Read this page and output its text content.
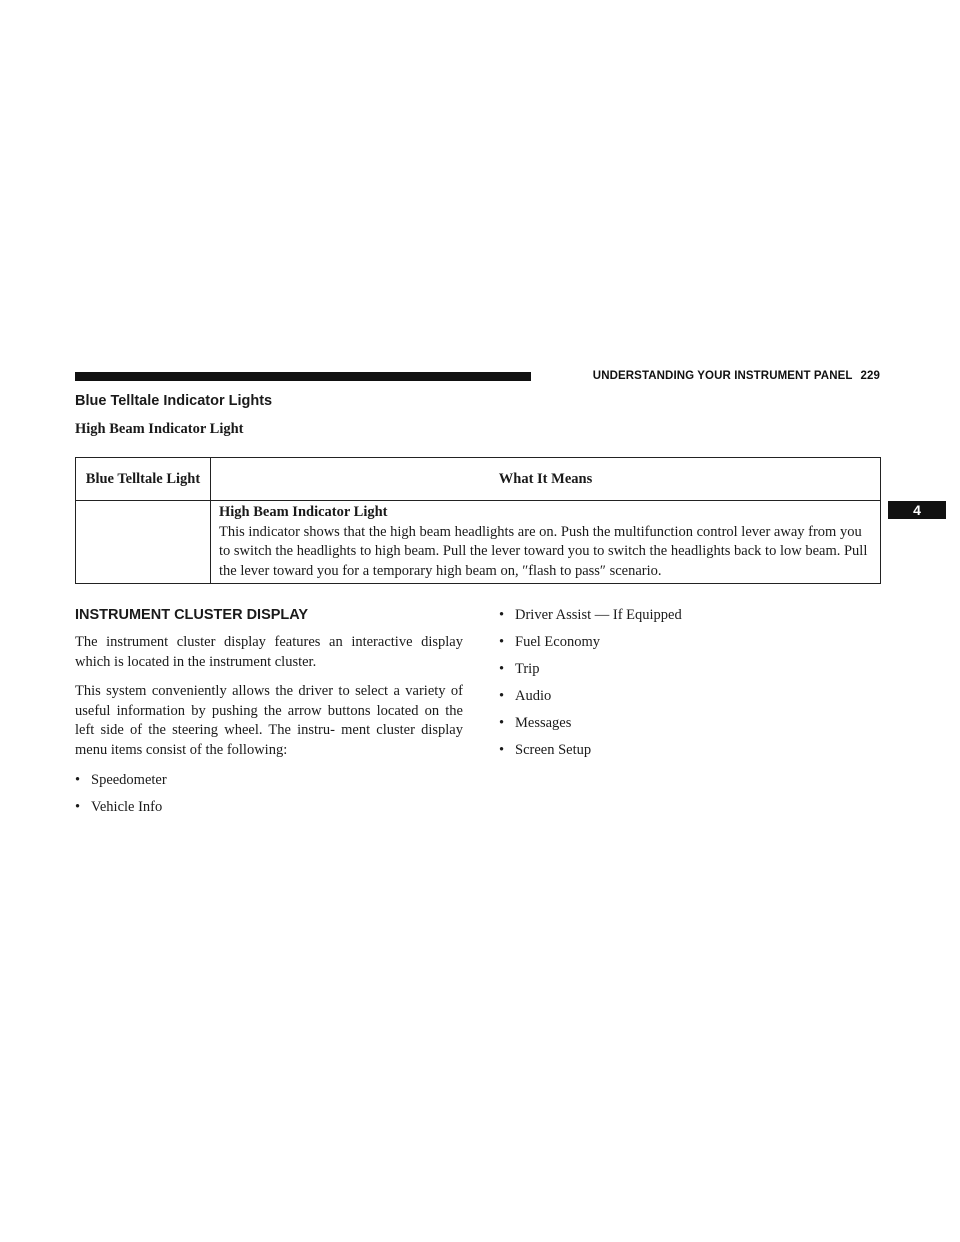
UNDERSTANDING YOUR INSTRUMENT PANEL 229
4
Blue Telltale Indicator Lights
High Beam Indicator Light
Blue Telltale Light	What It Means

	High Beam Indicator Light
This indicator shows that the high beam headlights are on. Push the multifunction control lever away from you to switch the headlights to high beam. Pull the lever toward you to switch the headlights back to low beam. Pull the lever toward you for a temporary high beam on, ″flash to pass″ scenario.
INSTRUMENT CLUSTER DISPLAY

The instrument cluster display features an interactive display which is located in the instrument cluster.

This system conveniently allows the driver to select a variety of useful information by pushing the arrow buttons located on the left side of the steering wheel. The instru- ment cluster display menu items consist of the following:

• Speedometer
• Vehicle Info
• Driver Assist — If Equipped
• Fuel Economy
• Trip
• Audio
• Messages
• Screen Setup
